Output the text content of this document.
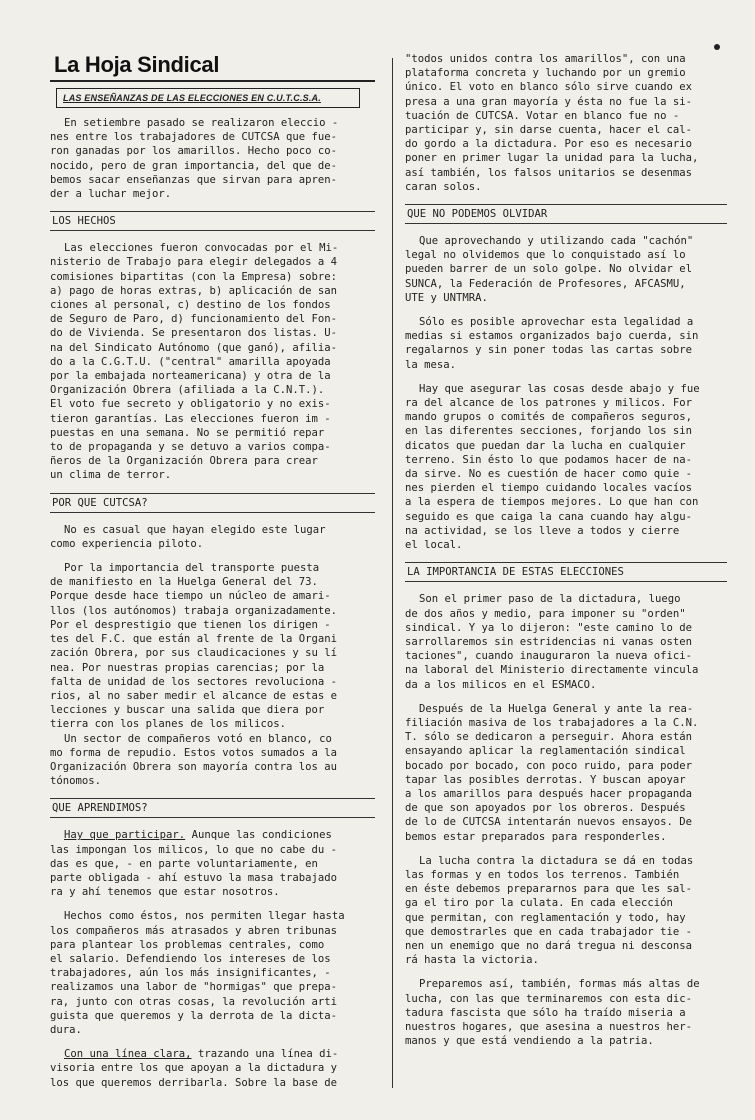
La Hoja Sindical
LAS ENSEÑANZAS DE LAS ELECCIONES EN C.U.T.C.S.A.

En setiembre pasado se realizaron eleccio -
nes entre los trabajadores de CUTCSA que fue-
ron ganadas por los amarillos. Hecho poco co-
nocido, pero de gran importancia, del que de-
bemos sacar enseñanzas que sirvan para apren-
der a luchar mejor.

LOS HECHOS

Las elecciones fueron convocadas por el Mi-
nisterio de Trabajo para elegir delegados a 4
comisiones bipartitas (con la Empresa) sobre:
a) pago de horas extras, b) aplicación de san
ciones al personal, c) destino de los fondos
de Seguro de Paro, d) funcionamiento del Fon-
do de Vivienda. Se presentaron dos listas. U-
na del Sindicato Autónomo (que ganó), afilia-
do a la C.G.T.U. ("central" amarilla apoyada
por la embajada norteamericana) y otra de la
Organización Obrera (afiliada a la C.N.T.).
El voto fue secreto y obligatorio y no exis-
tieron garantías. Las elecciones fueron im -
puestas en una semana. No se permitió repar
to de propaganda y se detuvo a varios compa-
ñeros de la Organización Obrera para crear
un clima de terror.

POR QUE CUTCSA?

No es casual que hayan elegido este lugar
como experiencia piloto.

Por la importancia del transporte puesta
de manifiesto en la Huelga General del 73.
Porque desde hace tiempo un núcleo de amari-
llos (los autónomos) trabaja organizadamente.
Por el desprestigio que tienen los dirigen -
tes del F.C. que están al frente de la Organi
zación Obrera, por sus claudicaciones y su lí
nea. Por nuestras propias carencias; por la
falta de unidad de los sectores revoluciona -
rios, al no saber medir el alcance de estas e
lecciones y buscar una salida que diera por
tierra con los planes de los milicos.

Un sector de compañeros votó en blanco, co
mo forma de repudio. Estos votos sumados a la
Organización Obrera son mayoría contra los au
tónomos.

QUE APRENDIMOS?

Hay que participar. Aunque las condiciones
las impongan los milicos, lo que no cabe du -
das es que, - en parte voluntariamente, en
parte obligada - ahí estuvo la masa trabajado
ra y ahí tenemos que estar nosotros.

Hechos como éstos, nos permiten llegar hasta
los compañeros más atrasados y abren tribunas
para plantear los problemas centrales, como
el salario. Defendiendo los intereses de los
trabajadores, aún los más insignificantes, -
realizamos una labor de "hormigas" que prepa-
ra, junto con otras cosas, la revolución arti
guista que queremos y la derrota de la dicta-
dura.

Con una línea clara, trazando una línea di-
visoria entre los que apoyan a la dictadura y
los que queremos derribarla. Sobre la base de

"todos unidos contra los amarillos", con una
plataforma concreta y luchando por un gremio
único. El voto en blanco sólo sirve cuando ex
presa a una gran mayoría y ésta no fue la si-
tuación de CUTCSA. Votar en blanco fue no -
participar y, sin darse cuenta, hacer el cal-
do gordo a la dictadura. Por eso es necesario
poner en primer lugar la unidad para la lucha,
así también, los falsos unitarios se desenmas
caran solos.

QUE NO PODEMOS OLVIDAR

Que aprovechando y utilizando cada "cachón"
legal no olvidemos que lo conquistado así lo
pueden barrer de un solo golpe. No olvidar el
SUNCA, la Federación de Profesores, AFCASMU,
UTE y UNTMRA.

Sólo es posible aprovechar esta legalidad a
medias si estamos organizados bajo cuerda, sin
regalarnos y sin poner todas las cartas sobre
la mesa.

Hay que asegurar las cosas desde abajo y fue
ra del alcance de los patrones y milicos. For
mando grupos o comités de compañeros seguros,
en las diferentes secciones, forjando los sin
dicatos que puedan dar la lucha en cualquier
terreno. Sin ésto lo que podamos hacer de na-
da sirve. No es cuestión de hacer como quie -
nes pierden el tiempo cuidando locales vacíos
a la espera de tiempos mejores. Lo que han con
seguido es que caiga la cana cuando hay algu-
na actividad, se los lleve a todos y cierre
el local.

LA IMPORTANCIA DE ESTAS ELECCIONES

Son el primer paso de la dictadura, luego
de dos años y medio, para imponer su "orden"
sindical. Y ya lo dijeron: "este camino lo de
sarrollaremos sin estridencias ni vanas osten
taciones", cuando inauguraron la nueva ofici-
na laboral del Ministerio directamente vincula
da a los milicos en el ESMACO.

Después de la Huelga General y ante la rea-
filiación masiva de los trabajadores a la C.N.
T. sólo se dedicaron a perseguir. Ahora están
ensayando aplicar la reglamentación sindical
bocado por bocado, con poco ruido, para poder
tapar las posibles derrotas. Y buscan apoyar
a los amarillos para después hacer propaganda
de que son apoyados por los obreros. Después
de lo de CUTCSA intentarán nuevos ensayos. De
bemos estar preparados para responderles.

La lucha contra la dictadura se dá en todas
las formas y en todos los terrenos. También
en éste debemos prepararnos para que les sal-
ga el tiro por la culata. En cada elección
que permitan, con reglamentación y todo, hay
que demostrarles que en cada trabajador tie -
nen un enemigo que no dará tregua ni desconsa
rá hasta la victoria.

Preparemos así, también, formas más altas de
lucha, con las que terminaremos con esta dic-
tadura fascista que sólo ha traído miseria a
nuestros hogares, que asesina a nuestros her-
manos y que está vendiendo a la patria.
